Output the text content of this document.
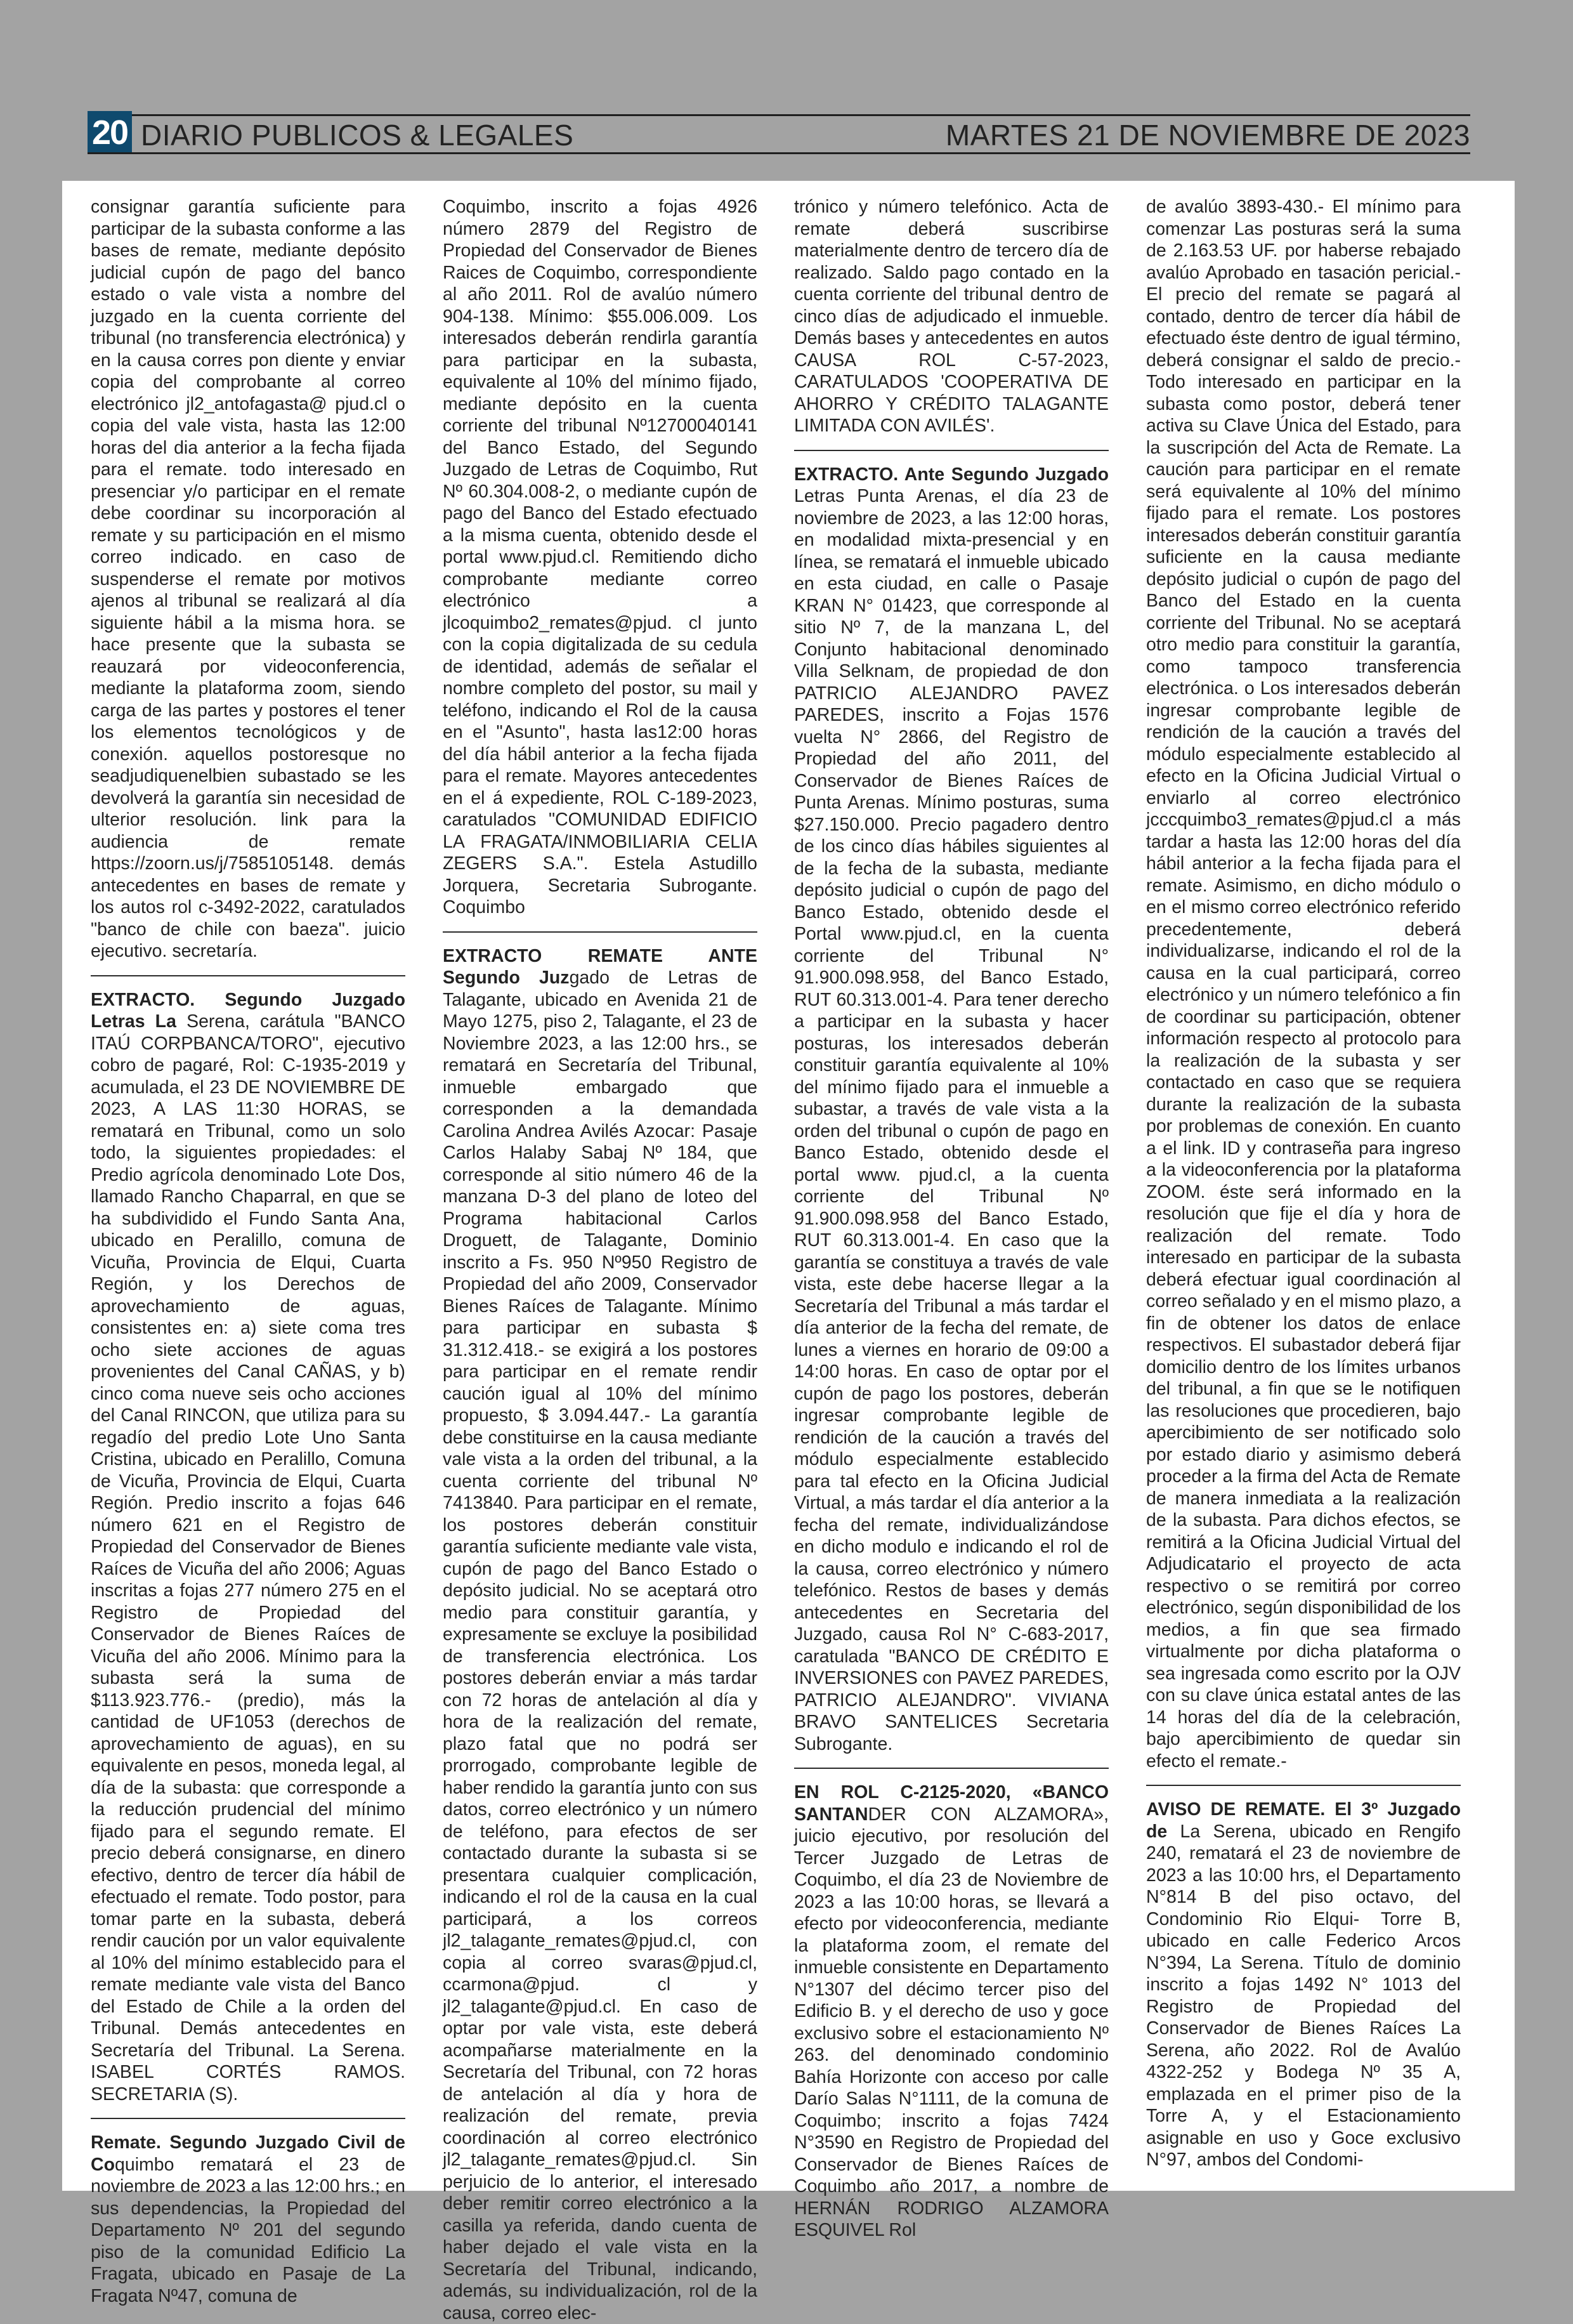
20 DIARIO PUBLICOS & LEGALES	MARTES 21 DE NOVIEMBRE DE 2023

consignar garantía suficiente para participar de la subasta conforme a las bases de remate, mediante depósito judicial cupón de pago del banco estado o vale vista a nombre del juzgado en la cuenta corriente del tribunal (no transferencia electrónica) y en la causa corres pon diente y enviar copia del comprobante al correo electrónico jl2_antofagasta@ pjud.cl o copia del vale vista, hasta las 12:00 horas del dia anterior a la fecha fijada para el remate. todo interesado en presenciar y/o participar en el remate debe coordinar su incorporación al remate y su participación en el mismo correo indicado. en caso de suspenderse el remate por motivos ajenos al tribunal se realizará al día siguiente hábil a la misma hora. se hace presente que la subasta se reauzará por videoconferencia, mediante la plataforma zoom, siendo carga de las partes y postores el tener los elementos tecnológicos y de conexión. aquellos postoresque no seadjudiquenelbien subastado se les devolverá la garantía sin necesidad de ulterior resolución. link para la audiencia de remate https://zoorn.us/j/7585105148. demás antecedentes en bases de remate y los autos rol c-3492-2022, caratulados "banco de chile con baeza". juicio ejecutivo. secretaría.

EXTRACTO. Segundo Juzgado Letras La Serena, carátula "BANCO ITAÚ CORPBANCA/TORO", ejecutivo cobro de pagaré, Rol: C-1935-2019 y acumulada, el 23 DE NOVIEMBRE DE 2023, A LAS 11:30 HORAS, se rematará en Tribunal, como un solo todo, la siguientes propiedades: el Predio agrícola denominado Lote Dos, llamado Rancho Chaparral, en que se ha subdividido el Fundo Santa Ana, ubicado en Peralillo, comuna de Vicuña, Provincia de Elqui, Cuarta Región, y los Derechos de aprovechamiento de aguas, consistentes en: a) siete coma tres ocho siete acciones de aguas provenientes del Canal CAÑAS, y b) cinco coma nueve seis ocho acciones del Canal RINCON, que utiliza para su regadío del predio Lote Uno Santa Cristina, ubicado en Peralillo, Comuna de Vicuña, Provincia de Elqui, Cuarta Región. Predio inscrito a fojas 646 número 621 en el Registro de Propiedad del Conservador de Bienes Raíces de Vicuña del año 2006; Aguas inscritas a fojas 277 número 275 en el Registro de Propiedad del Conservador de Bienes Raíces de Vicuña del año 2006. Mínimo para la subasta será la suma de $113.923.776.- (predio), más la cantidad de UF1053 (derechos de aprovechamiento de aguas), en su equivalente en pesos, moneda legal, al día de la subasta: que corresponde a la reducción prudencial del mínimo fijado para el segundo remate. El precio deberá consignarse, en dinero efectivo, dentro de tercer día hábil de efectuado el remate. Todo postor, para tomar parte en la subasta, deberá rendir caución por un valor equivalente al 10% del mínimo establecido para el remate mediante vale vista del Banco del Estado de Chile a la orden del Tribunal. Demás antecedentes en Secretaría del Tribunal. La Serena. ISABEL CORTÉS RAMOS. SECRETARIA (S).

Remate. Segundo Juzgado Civil de Coquimbo rematará el 23 de noviembre de 2023 a las 12:00 hrs.; en sus dependencias, la Propiedad del Departamento Nº 201 del segundo piso de la comunidad Edificio La Fragata, ubicado en Pasaje de La Fragata Nº47, comuna de

Coquimbo, inscrito a fojas 4926 número 2879 del Registro de Propiedad del Conservador de Bienes Raices de Coquimbo, correspondiente al año 2011. Rol de avalúo número 904-138. Mínimo: $55.006.009. Los interesados deberán rendirla garantía para participar en la subasta, equivalente al 10% del mínimo fijado, mediante depósito en la cuenta corriente del tribunal Nº12700040141 del Banco Estado, del Segundo Juzgado de Letras de Coquimbo, Rut Nº 60.304.008-2, o mediante cupón de pago del Banco del Estado efectuado a la misma cuenta, obtenido desde el portal www.pjud.cl. Remitiendo dicho comprobante mediante correo electrónico a jlcoquimbo2_remates@pjud. cl junto con la copia digitalizada de su cedula de identidad, además de señalar el nombre completo del postor, su mail y teléfono, indicando el Rol de la causa en el "Asunto", hasta las12:00 horas del día hábil anterior a la fecha fijada para el remate. Mayores antecedentes en el á expediente, ROL C-189-2023, caratulados "COMUNIDAD EDIFICIO LA FRAGATA/INMOBILIARIA CELIA ZEGERS S.A.". Estela Astudillo Jorquera, Secretaria Subrogante. Coquimbo

EXTRACTO REMATE ANTE Segundo Juzgado de Letras de Talagante, ubicado en Avenida 21 de Mayo 1275, piso 2, Talagante, el 23 de Noviembre 2023, a las 12:00 hrs., se rematará en Secretaría del Tribunal, inmueble embargado que corresponden a la demandada Carolina Andrea Avilés Azocar: Pasaje Carlos Halaby Sabaj Nº 184, que corresponde al sitio número 46 de la manzana D-3 del plano de loteo del Programa habitacional Carlos Droguett, de Talagante, Dominio inscrito a Fs. 950 Nº950 Registro de Propiedad del año 2009, Conservador Bienes Raíces de Talagante. Mínimo para participar en subasta $ 31.312.418.- se exigirá a los postores para participar en el remate rendir caución igual al 10% del mínimo propuesto, $ 3.094.447.- La garantía debe constituirse en la causa mediante vale vista a la orden del tribunal, a la cuenta corriente del tribunal Nº 7413840. Para participar en el remate, los postores deberán constituir garantía suficiente mediante vale vista, cupón de pago del Banco Estado o depósito judicial. No se aceptará otro medio para constituir garantía, y expresamente se excluye la posibilidad de transferencia electrónica. Los postores deberán enviar a más tardar con 72 horas de antelación al día y hora de la realización del remate, plazo fatal que no podrá ser prorrogado, comprobante legible de haber rendido la garantía junto con sus datos, correo electrónico y un número de teléfono, para efectos de ser contactado durante la subasta si se presentara cualquier complicación, indicando el rol de la causa en la cual participará, a los correos jl2_talagante_remates@pjud.cl, con copia al correo svaras@pjud.cl, ccarmona@pjud. cl y jl2_talagante@pjud.cl. En caso de optar por vale vista, este deberá acompañarse materialmente en la Secretaría del Tribunal, con 72 horas de antelación al día y hora de realización del remate, previa coordinación al correo electrónico jl2_talagante_remates@pjud.cl. Sin perjuicio de lo anterior, el interesado deber remitir correo electrónico a la casilla ya referida, dando cuenta de haber dejado el vale vista en la Secretaría del Tribunal, indicando, además, su individualización, rol de la causa, correo elec-

trónico y número telefónico. Acta de remate deberá suscribirse materialmente dentro de tercero día de realizado. Saldo pago contado en la cuenta corriente del tribunal dentro de cinco días de adjudicado el inmueble. Demás bases y antecedentes en autos CAUSA ROL C-57-2023, CARATULADOS 'COOPERATIVA DE AHORRO Y CRÉDITO TALAGANTE LIMITADA CON AVILÉS'.

EXTRACTO. Ante Segundo Juzgado Letras Punta Arenas, el día 23 de noviembre de 2023, a las 12:00 horas, en modalidad mixta-presencial y en línea, se rematará el inmueble ubicado en esta ciudad, en calle o Pasaje KRAN N° 01423, que corresponde al sitio Nº 7, de la manzana L, del Conjunto habitacional denominado Villa Selknam, de propiedad de don PATRICIO ALEJANDRO PAVEZ PAREDES, inscrito a Fojas 1576 vuelta N° 2866, del Registro de Propiedad del año 2011, del Conservador de Bienes Raíces de Punta Arenas. Mínimo posturas, suma $27.150.000. Precio pagadero dentro de los cinco días hábiles siguientes al de la fecha de la subasta, mediante depósito judicial o cupón de pago del Banco Estado, obtenido desde el Portal www.pjud.cl, en la cuenta corriente del Tribunal N° 91.900.098.958, del Banco Estado, RUT 60.313.001-4. Para tener derecho a participar en la subasta y hacer posturas, los interesados deberán constituir garantía equivalente al 10% del mínimo fijado para el inmueble a subastar, a través de vale vista a la orden del tribunal o cupón de pago en Banco Estado, obtenido desde el portal www. pjud.cl, a la cuenta corriente del Tribunal Nº 91.900.098.958 del Banco Estado, RUT 60.313.001-4. En caso que la garantía se constituya a través de vale vista, este debe hacerse llegar a la Secretaría del Tribunal a más tardar el día anterior de la fecha del remate, de lunes a viernes en horario de 09:00 a 14:00 horas. En caso de optar por el cupón de pago los postores, deberán ingresar comprobante legible de rendición de la caución a través del módulo especialmente establecido para tal efecto en la Oficina Judicial Virtual, a más tardar el día anterior a la fecha del remate, individualizándose en dicho modulo e indicando el rol de la causa, correo electrónico y número telefónico. Restos de bases y demás antecedentes en Secretaria del Juzgado, causa Rol N° C-683-2017, caratulada "BANCO DE CRÉDITO E INVERSIONES con PAVEZ PAREDES, PATRICIO ALEJANDRO". VIVIANA BRAVO SANTELICES Secretaria Subrogante.

EN ROL C-2125-2020, «BANCO SANTANDER CON ALZAMORA», juicio ejecutivo, por resolución del Tercer Juzgado de Letras de Coquimbo, el día 23 de Noviembre de 2023 a las 10:00 horas, se llevará a efecto por videoconferencia, mediante la plataforma zoom, el remate del inmueble consistente en Departamento N°1307 del décimo tercer piso del Edificio B. y el derecho de uso y goce exclusivo sobre el estacionamiento Nº 263. del denominado condominio Bahía Horizonte con acceso por calle Darío Salas N°1111, de la comuna de Coquimbo; inscrito a fojas 7424 N°3590 en Registro de Propiedad del Conservador de Bienes Raíces de Coquimbo año 2017, a nombre de HERNÁN RODRIGO ALZAMORA ESQUIVEL Rol

de avalúo 3893-430.- El mínimo para comenzar Las posturas será la suma de 2.163.53 UF. por haberse rebajado avalúo Aprobado en tasación pericial.- El precio del remate se pagará al contado, dentro de tercer día hábil de efectuado éste dentro de igual término, deberá consignar el saldo de precio.- Todo interesado en participar en la subasta como postor, deberá tener activa su Clave Única del Estado, para la suscripción del Acta de Remate. La caución para participar en el remate será equivalente al 10% del mínimo fijado para el remate. Los postores interesados deberán constituir garantía suficiente en la causa mediante depósito judicial o cupón de pago del Banco del Estado en la cuenta corriente del Tribunal. No se aceptará otro medio para constituir la garantía, como tampoco transferencia electrónica. o Los interesados deberán ingresar comprobante legible de rendición de la caución a través del módulo especialmente establecido al efecto en la Oficina Judicial Virtual o enviarlo al correo electrónico jcccquimbo3_remates@pjud.cl a más tardar a hasta las 12:00 horas del día hábil anterior a la fecha fijada para el remate. Asimismo, en dicho módulo o en el mismo correo electrónico referido precedentemente, deberá individualizarse, indicando el rol de la causa en la cual participará, correo electrónico y un número telefónico a fin de coordinar su participación, obtener información respecto al protocolo para la realización de la subasta y ser contactado en caso que se requiera durante la realización de la subasta por problemas de conexión. En cuanto a el link. ID y contraseña para ingreso a la videoconferencia por la plataforma ZOOM. éste será informado en la resolución que fije el día y hora de realización del remate. Todo interesado en participar de la subasta deberá efectuar igual coordinación al correo señalado y en el mismo plazo, a fin de obtener los datos de enlace respectivos. El subastador deberá fijar domicilio dentro de los límites urbanos del tribunal, a fin que se le notifiquen las resoluciones que procedieren, bajo apercibimiento de ser notificado solo por estado diario y asimismo deberá proceder a la firma del Acta de Remate de manera inmediata a la realización de la subasta. Para dichos efectos, se remitirá a la Oficina Judicial Virtual del Adjudicatario el proyecto de acta respectivo o se remitirá por correo electrónico, según disponibilidad de los medios, a fin que sea firmado virtualmente por dicha plataforma o sea ingresada como escrito por la OJV con su clave única estatal antes de las 14 horas del día de la celebración, bajo apercibimiento de quedar sin efecto el remate.-

AVISO DE REMATE. El 3º Juzgado de La Serena, ubicado en Rengifo 240, rematará el 23 de noviembre de 2023 a las 10:00 hrs, el Departamento N°814 B del piso octavo, del Condominio Rio Elqui- Torre B, ubicado en calle Federico Arcos N°394, La Serena. Título de dominio inscrito a fojas 1492 N° 1013 del Registro de Propiedad del Conservador de Bienes Raíces La Serena, año 2022. Rol de Avalúo 4322-252 y Bodega Nº 35 A, emplazada en el primer piso de la Torre A, y el Estacionamiento asignable en uso y Goce exclusivo N°97, ambos del Condomi-
